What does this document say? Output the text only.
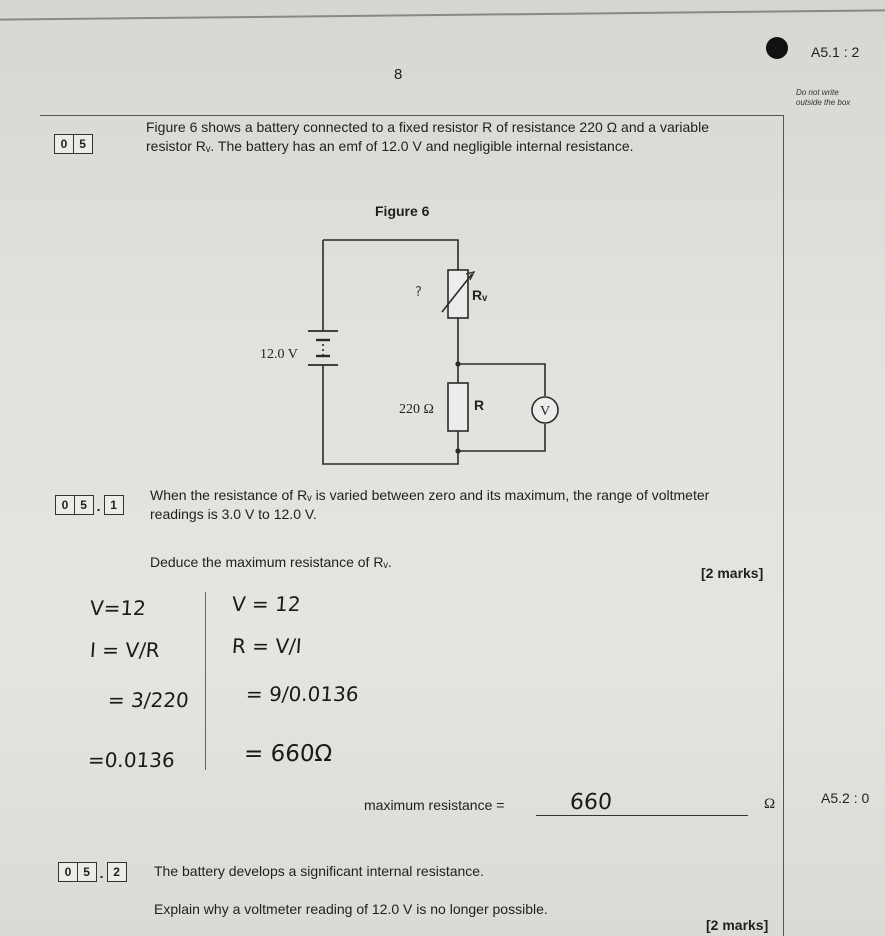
8
A5.1 : 2
Do not write outside the box
0 5
Figure 6 shows a battery connected to a fixed resistor R of resistance 220 Ω and a variable resistor Rᵥ. The battery has an emf of 12.0 V and negligible internal resistance.
Figure 6
V
Rᵥ
R
220 Ω
12.0 V
?
0 5 . 1
When the resistance of Rᵥ is varied between zero and its maximum, the range of voltmeter readings is 3.0 V to 12.0 V.
Deduce the maximum resistance of Rᵥ.
[2 marks]
V=12
I = V/R
= 3/220
=0.0136
V = 12
R = V/I
= 9/0.0136
= 660Ω
maximum resistance =	660	Ω	A5.2 : 0
0 5 . 2	The battery develops a significant internal resistance.
Explain why a voltmeter reading of 12.0 V is no longer possible.
[2 marks]
